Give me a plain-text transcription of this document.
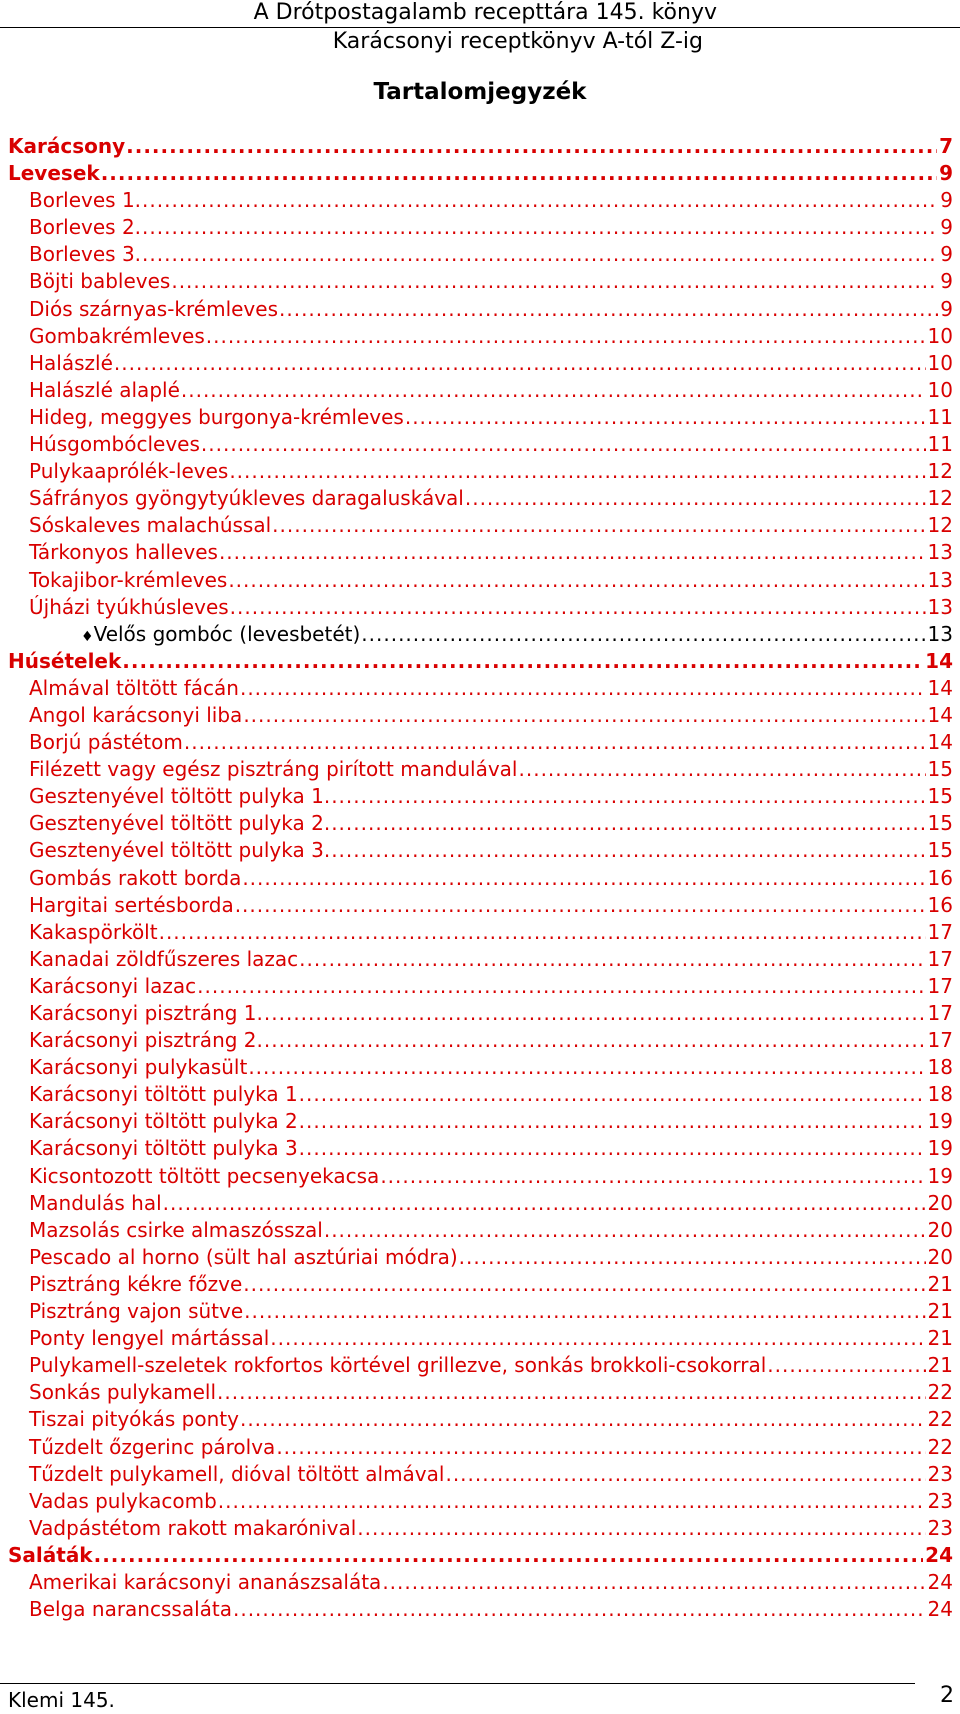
A Drótpostagalamb recepttára 145. könyv
Karácsonyi receptkönyv A-tól Z-ig
Tartalomjegyzék
Karácsony .....	7
Levesek .....	9
Borleves 1. .....	9
Borleves 2. .....	9
Borleves 3. .....	9
Böjti bableves .....	9
Diós szárnyas-krémleves .....	9
Gombakrémleves .....	10
Halászlé .....	10
Halászlé alaplé .....	10
Hideg, meggyes burgonya-krémleves .....	11
Húsgombócleves .....	11
Pulykaaprólék-leves .....	12
Sáfrányos gyöngytyúkleves daragaluskával .....	12
Sóskaleves malachússal .....	12
Tárkonyos halleves .....	13
Tokajibor-krémleves .....	13
Újházi tyúkhúsleves .....	13
♦ Velős gombóc (levesbetét) .....	13
Húsételek .....	14
Almával töltött fácán .....	14
Angol karácsonyi liba .....	14
Borjú pástétom .....	14
Filézett vagy egész pisztráng pirított mandulával .....	15
Gesztenyével töltött pulyka 1. .....	15
Gesztenyével töltött pulyka 2. .....	15
Gesztenyével töltött pulyka 3. .....	15
Gombás rakott borda .....	16
Hargitai sertésborda .....	16
Kakaspörkölt .....	17
Kanadai zöldfűszeres lazac .....	17
Karácsonyi lazac .....	17
Karácsonyi pisztráng 1. .....	17
Karácsonyi pisztráng 2. .....	17
Karácsonyi pulykasült .....	18
Karácsonyi töltött pulyka 1 .....	18
Karácsonyi töltött pulyka 2 .....	19
Karácsonyi töltött pulyka 3 .....	19
Kicsontozott töltött pecsenyekacsa .....	19
Mandulás hal .....	20
Mazsolás csirke almaszósszal .....	20
Pescado al horno (sült hal asztúriai módra) .....	20
Pisztráng kékre főzve .....	21
Pisztráng vajon sütve .....	21
Ponty lengyel mártással .....	21
Pulykamell-szeletek rokfortos körtével grillezve, sonkás brokkoli-csokorral .....	21
Sonkás pulykamell .....	22
Tiszai pityókás ponty .....	22
Tűzdelt őzgerinc párolva .....	22
Tűzdelt pulykamell, dióval töltött almával .....	23
Vadas pulykacomb .....	23
Vadpástétom rakott makarónival .....	23
Saláták .....	24
Amerikai karácsonyi ananászsaláta .....	24
Belga narancssaláta .....	24
Klemi 145.	2
